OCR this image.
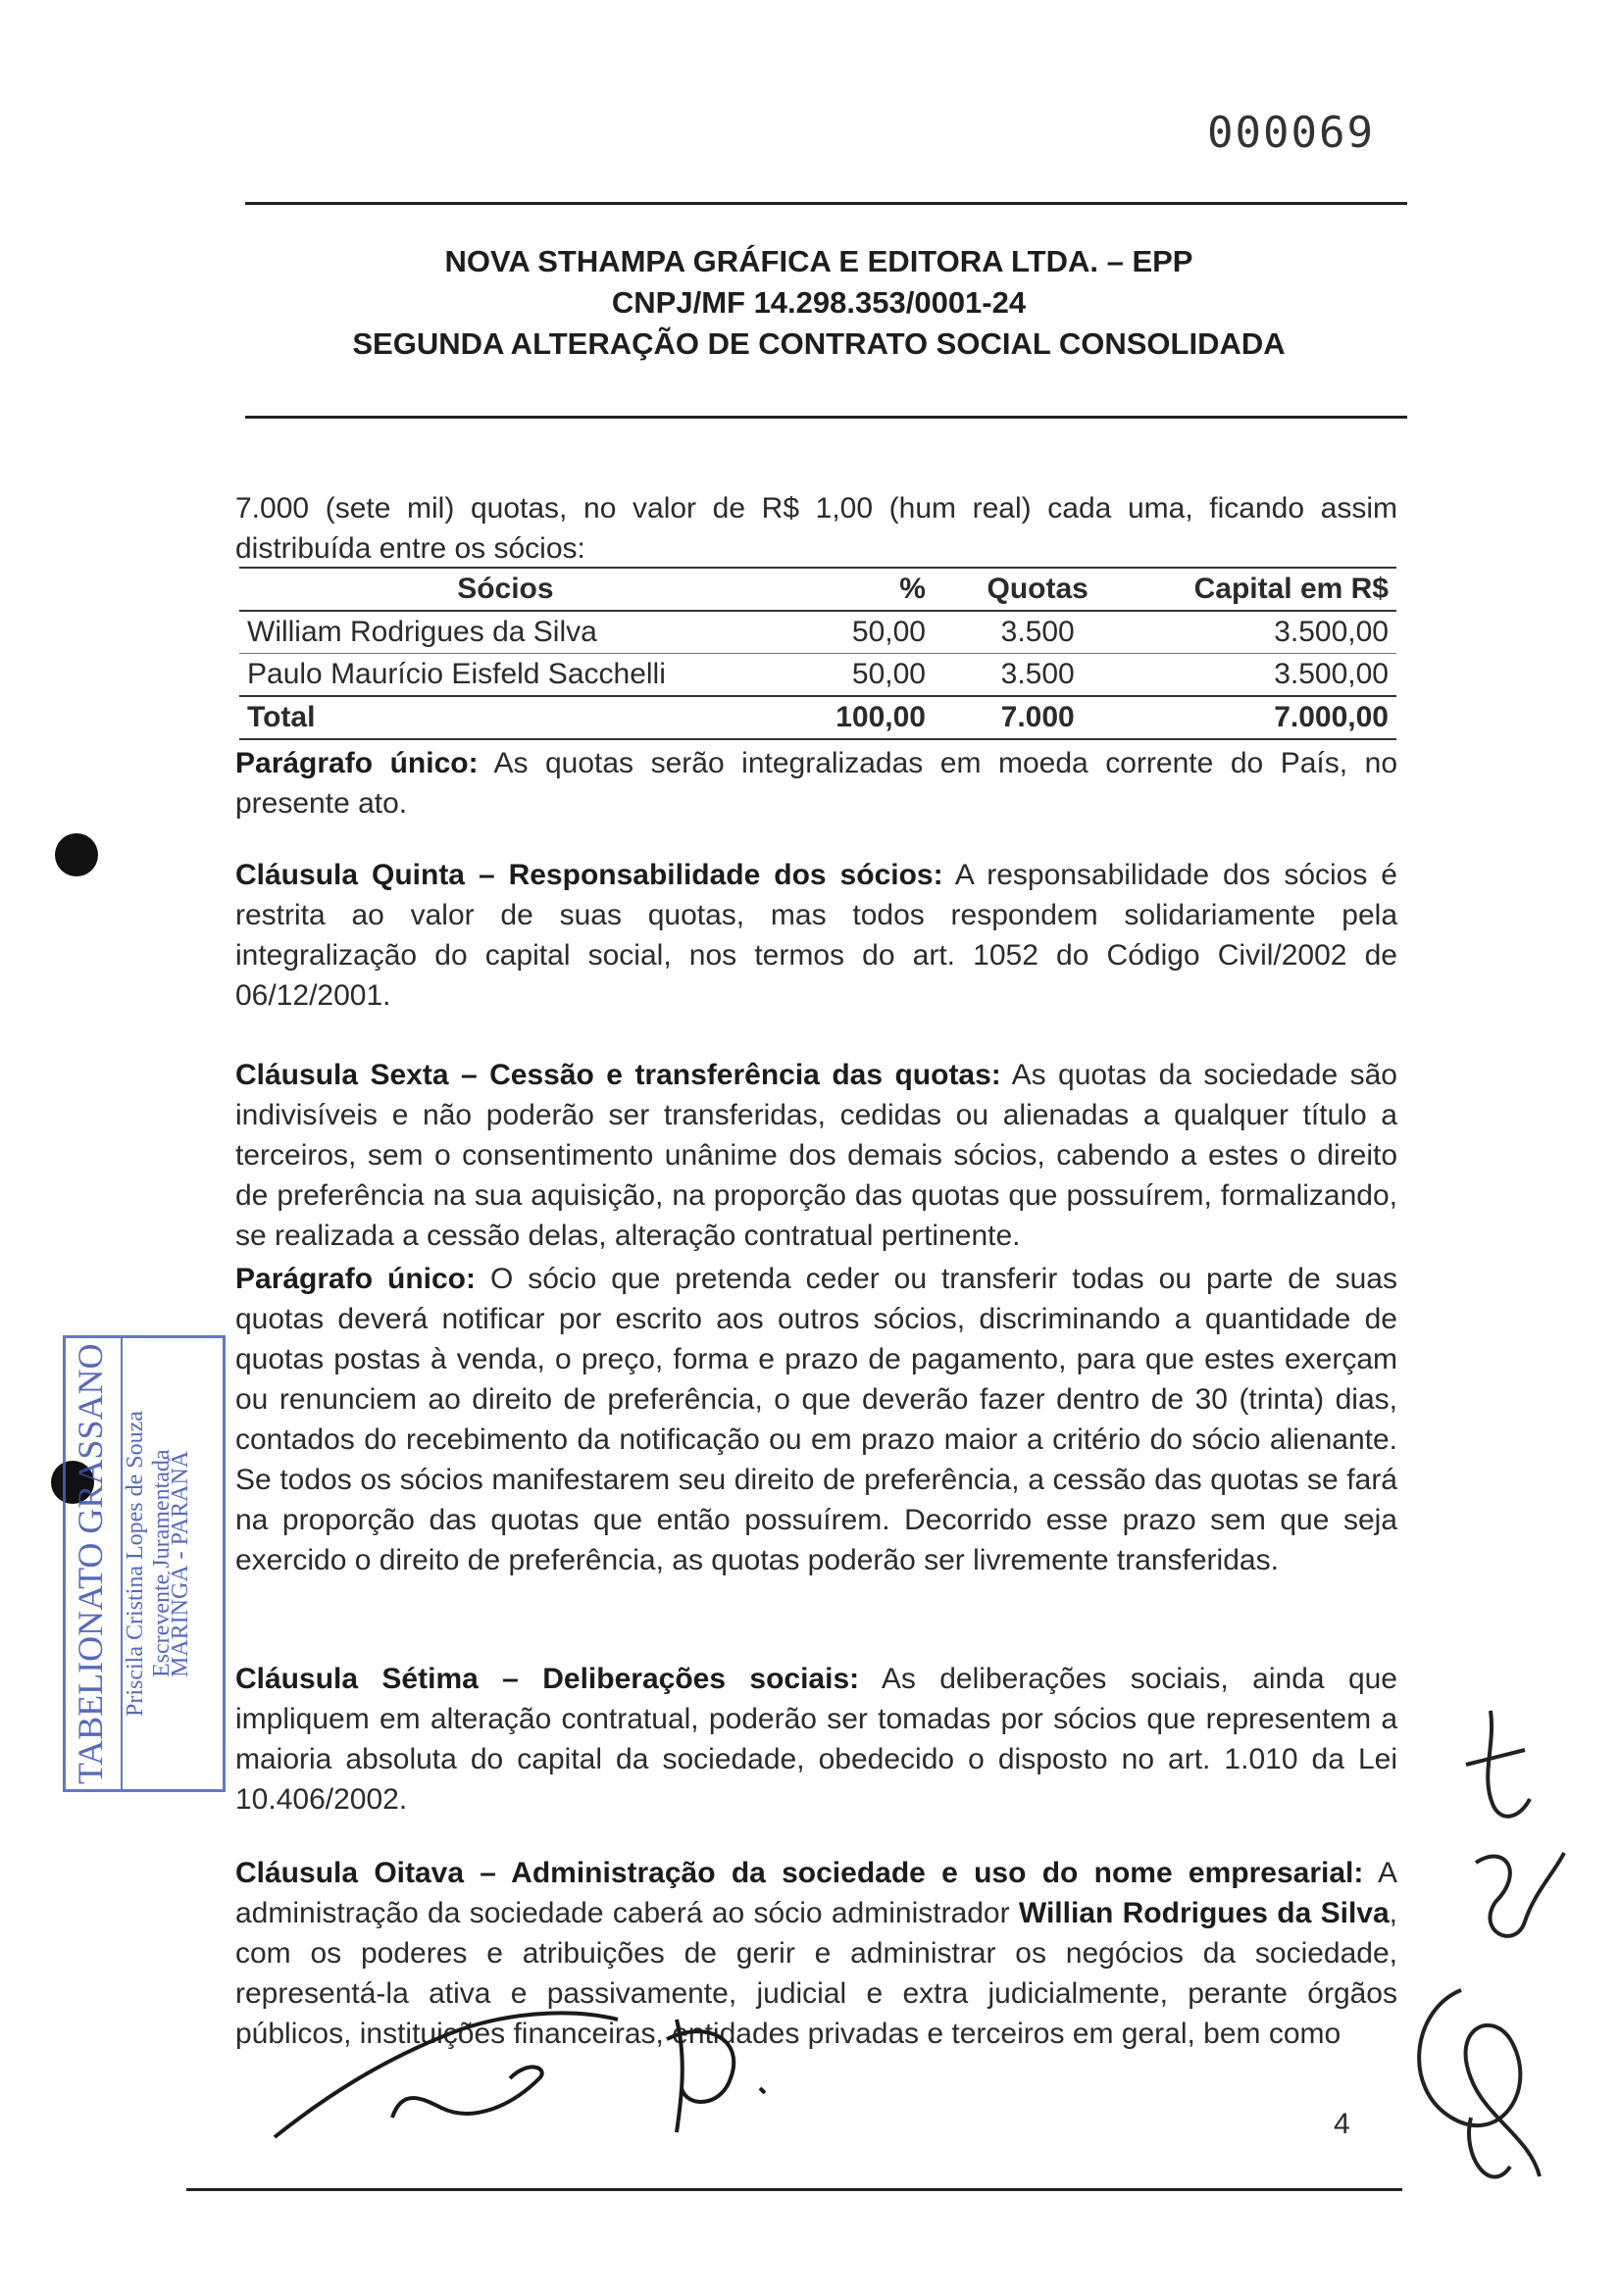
000069
NOVA STHAMPA GRÁFICA E EDITORA LTDA. – EPP
CNPJ/MF 14.298.353/0001-24
SEGUNDA ALTERAÇÃO DE CONTRATO SOCIAL CONSOLIDADA
7.000 (sete mil) quotas, no valor de R$ 1,00 (hum real) cada uma, ficando assim distribuída entre os sócios:
Sócios	%	Quotas	Capital em R$
William Rodrigues da Silva	50,00	3.500	3.500,00
Paulo Maurício Eisfeld Sacchelli	50,00	3.500	3.500,00
Total	100,00	7.000	7.000,00
Parágrafo único: As quotas serão integralizadas em moeda corrente do País, no presente ato.
Cláusula Quinta – Responsabilidade dos sócios: A responsabilidade dos sócios é restrita ao valor de suas quotas, mas todos respondem solidariamente pela integralização do capital social, nos termos do art. 1052 do Código Civil/2002 de 06/12/2001.
Cláusula Sexta – Cessão e transferência das quotas: As quotas da sociedade são indivisíveis e não poderão ser transferidas, cedidas ou alienadas a qualquer título a terceiros, sem o consentimento unânime dos demais sócios, cabendo a estes o direito de preferência na sua aquisição, na proporção das quotas que possuírem, formalizando, se realizada a cessão delas, alteração contratual pertinente.
Parágrafo único: O sócio que pretenda ceder ou transferir todas ou parte de suas quotas deverá notificar por escrito aos outros sócios, discriminando a quantidade de quotas postas à venda, o preço, forma e prazo de pagamento, para que estes exerçam ou renunciem ao direito de preferência, o que deverão fazer dentro de 30 (trinta) dias, contados do recebimento da notificação ou em prazo maior a critério do sócio alienante. Se todos os sócios manifestarem seu direito de preferência, a cessão das quotas se fará na proporção das quotas que então possuírem. Decorrido esse prazo sem que seja exercido o direito de preferência, as quotas poderão ser livremente transferidas.
Cláusula Sétima – Deliberações sociais: As deliberações sociais, ainda que impliquem em alteração contratual, poderão ser tomadas por sócios que representem a maioria absoluta do capital da sociedade, obedecido o disposto no art. 1.010 da Lei 10.406/2002.
Cláusula Oitava – Administração da sociedade e uso do nome empresarial: A administração da sociedade caberá ao sócio administrador Willian Rodrigues da Silva, com os poderes e atribuições de gerir e administrar os negócios da sociedade, representá-la ativa e passivamente, judicial e extra judicialmente, perante órgãos públicos, instituições financeiras, entidades privadas e terceiros em geral, bem como
TABELIONATO GRASSANO Priscila Cristina Lopes de Souza Escrevente Juramentada
MARINGÁ - PARANÁ
4
